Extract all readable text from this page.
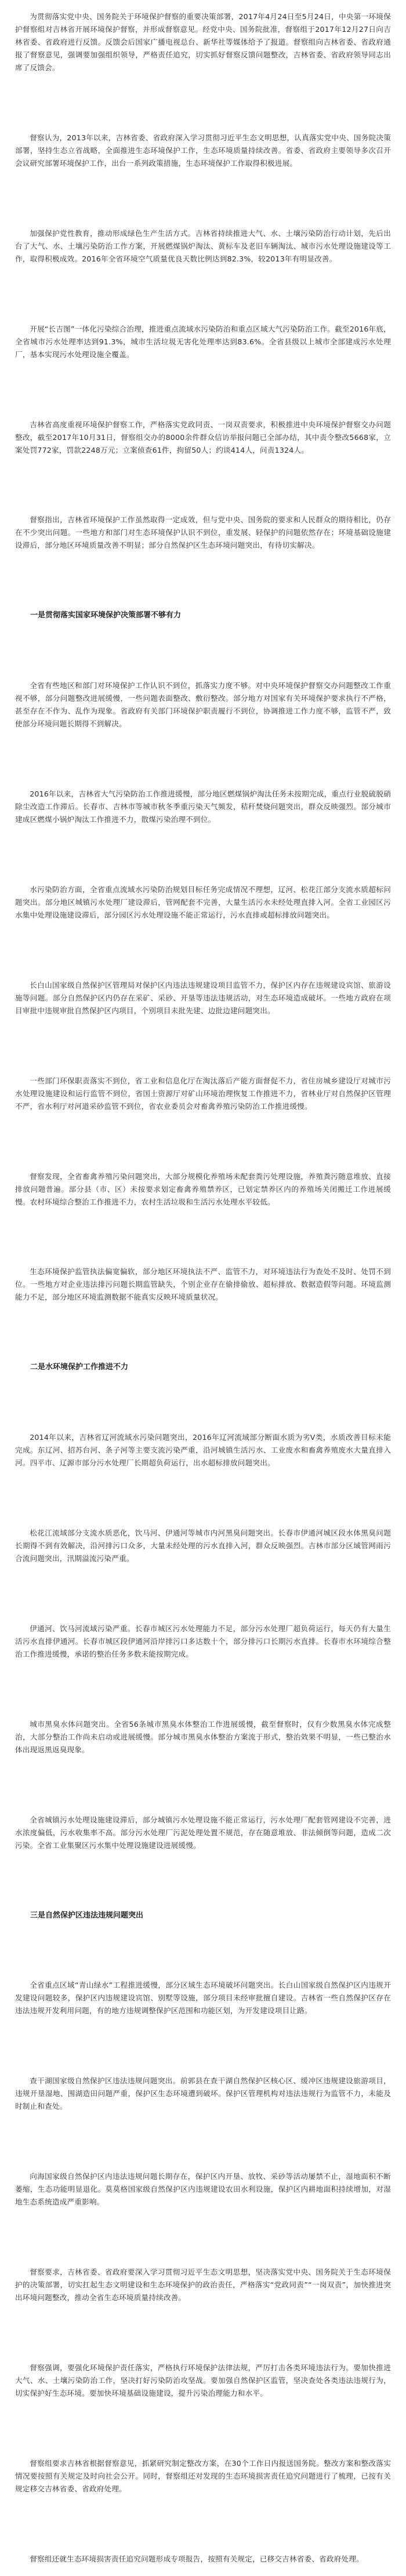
为贯彻落实党中央、国务院关于环境保护督察的重要决策部署，2017年4月24日至5月24日，中央第一环境保护督察组对吉林省开展环境保护督察，并形成督察意见。经党中央、国务院批准，督察组于2017年12月27日向吉林省委、省政府进行反馈。反馈会后国家广播电视总台、新华社等媒体给予了报道。督察组向吉林省委、省政府通报了督察意见，强调要加强组织领导，严格责任追究，切实抓好督察反馈问题整改，吉林省委、省政府领导同志出席了反馈会。

督察认为，2013年以来，吉林省委、省政府深入学习贯彻习近平生态文明思想，认真落实党中央、国务院决策部署，坚持生态立省战略，全面推进生态环境保护工作，生态环境质量持续改善。省委、省政府主要领导多次召开会议研究部署环境保护工作，出台一系列政策措施，生态环境保护工作取得积极进展。

加强保护党性教育，推动形成绿色生产生活方式。吉林省持续推进大气、水、土壤污染防治行动计划，先后出台了大气、水、土壤污染防治工作方案，开展燃煤锅炉淘汰、黄标车及老旧车辆淘汰、城市污水处理设施建设等工作，取得积极成效。2016年全省环境空气质量优良天数比例达到82.3%，较2013年有明显改善。

开展“长吉图”一体化污染综合治理，推进重点流域水污染防治和重点区域大气污染防治工作。截至2016年底，全省城市污水处理率达到91.3%，城市生活垃圾无害化处理率达到83.6%。全省县级以上城市全部建成污水处理厂，基本实现污水处理设施全覆盖。

吉林省高度重视环境保护督察工作，严格落实党政同责、一岗双责要求，积极推进中央环境保护督察交办问题整改，截至2017年10月31日，督察组交办的8000余件群众信访举报问题已全部办结，其中责令整改5668家，立案处罚772家，罚款2248万元；立案侦查61件，拘留50人；约谈414人，问责1324人。

督察指出，吉林省环境保护工作虽然取得一定成效，但与党中央、国务院的要求和人民群众的期待相比，仍存在不少突出问题。一些地方和部门对生态环境保护认识不到位，重发展、轻保护的问题依然存在；环境基础设施建设滞后，部分地区环境质量改善不明显；部分自然保护区生态环境问题突出，有待切实解决。

一是贯彻落实国家环境保护决策部署不够有力

全省有些地区和部门对环境保护工作认识不到位，抓落实力度不够。对中央环境保护督察交办问题整改工作重视不够，部分问题整改进展缓慢，一些问题表面整改、敷衍整改。部分地方对国家有关环境保护要求执行不严格，甚至存在不作为、乱作为现象。省政府有关部门环境保护职责履行不到位，协调推进工作力度不够，监管不严，致使部分环境问题长期得不到解决。

2016年以来，吉林省大气污染防治工作推进缓慢，部分地区燃煤锅炉淘汰任务未按期完成，重点行业脱硫脱硝除尘改造工作滞后。长春市、吉林市等城市秋冬季重污染天气频发，秸秆焚烧问题突出，群众反映强烈。部分城市建成区燃煤小锅炉淘汰工作推进不力，散煤污染治理不到位。

水污染防治方面，全省重点流域水污染防治规划目标任务完成情况不理想，辽河、松花江部分支流水质超标问题突出。部分地区城镇污水处理厂建设滞后，管网配套不完善，大量生活污水未经处理直排入河。全省工业园区污水集中处理设施建设滞后，部分园区污水处理设施不能正常运行，污水直排或超标排放问题突出。

长白山国家级自然保护区管理局对保护区内违法违规建设项目监管不力，保护区内存在违规建设宾馆、旅游设施等问题。部分自然保护区内仍存在采矿、采砂、开垦等违法违规活动，对生态环境造成破坏。一些地方政府在项目审批中违规审批自然保护区内项目，个别项目未批先建、边批边建问题突出。

一些部门环保职责落实不到位，省工业和信息化厅在淘汰落后产能方面督促不力，省住房城乡建设厅对城市污水处理设施建设和运行监管不到位，省国土资源厅对矿山环境治理恢复工作推进不力，省林业厅对自然保护区管理不严，省水利厅对河道采砂监管不到位，省农业委员会对畜禽养殖污染防治工作推进缓慢。

督察发现，全省畜禽养殖污染问题突出，大部分规模化养殖场未配套粪污处理设施，养殖粪污随意堆放、直接排放问题普遍。部分县（市、区）未按要求划定畜禽养殖禁养区，已划定禁养区内的养殖场关闭搬迁工作进展缓慢。农村环境综合整治工作推进不力，农村生活垃圾和生活污水处理水平较低。

生态环境保护监管执法偏宽偏软，部分地区环境执法不严、监管不力，对环境违法行为查处不及时、处罚不到位。一些地方对企业违法排污问题长期监管缺失，个别企业存在偷排偷放、超标排放、数据造假等问题。环境监测能力不足，部分地区环境监测数据不能真实反映环境质量状况。

二是水环境保护工作推进不力

2014年以来，吉林省辽河流域水污染问题突出，2016年辽河流域部分断面水质为劣Ⅴ类，水质改善目标未能完成。东辽河、招苏台河、条子河等主要支流污染严重，沿河城镇生活污水、工业废水和畜禽养殖废水大量直排入河。四平市、辽源市部分污水处理厂长期超负荷运行，出水超标排放问题突出。

松花江流域部分支流水质恶化，饮马河、伊通河等城市内河黑臭问题突出。长春市伊通河城区段水体黑臭问题长期得不到有效解决，沿河排污口众多，大量未经处理的污水直排入河，群众反映强烈。吉林市部分区域管网雨污合流问题突出，汛期溢流污染严重。

伊通河、饮马河流域污染严重。长春市城区污水处理能力不足，部分污水处理厂超负荷运行，每天仍有大量生活污水直排伊通河。长春市城区段伊通河沿岸排污口多达数十个，部分排污口长期污水直排。长春市水环境综合整治工作推进缓慢，承诺的整治任务多数未能按期完成。

城市黑臭水体问题突出。全省56条城市黑臭水体整治工作进展缓慢，截至督察时，仅有少数黑臭水体完成整治，大部分整治工作尚未启动或进展缓慢。部分城市黑臭水体整治方案流于形式，整治效果不明显，一些已整治水体出现返黑返臭现象。

全省城镇污水处理设施建设滞后，部分城镇污水处理设施不能正常运行，污水处理厂配套管网建设不完善，进水浓度偏低，污水收集率不高。部分污水处理厂污泥处理处置不规范，存在随意堆放、非法倾倒等问题，造成二次污染。全省工业集聚区污水集中处理设施建设进展缓慢。

三是自然保护区违法违规问题突出

全省重点区域“青山绿水”工程推进缓慢，部分区域生态环境破坏问题突出。长白山国家级自然保护区内违规开发建设问题较多，保护区内违规建设宾馆、别墅等设施，部分项目未经审批擅自建设。吉林省一些自然保护区存在违法违规开发利用问题，有的地方违规调整保护区范围和功能区划，为开发建设项目让路。

查干湖国家级自然保护区违法违规问题突出。前郭县在查干湖自然保护区核心区、缓冲区违规建设旅游项目，违规开垦湿地、围湖造田问题严重，保护区生态环境遭到破坏。保护区管理机构对违法违规行为监管不力，未能及时制止和查处。

向海国家级自然保护区内违法违规问题长期存在，保护区内开垦、放牧、采砂等活动屡禁不止，湿地面积不断萎缩，生态功能明显退化。莫莫格国家级自然保护区内违规建设农田水利设施，保护区内耕地面积持续增加，对湿地生态系统造成严重影响。

督察要求，吉林省委、省政府要深入学习贯彻习近平生态文明思想，坚决落实党中央、国务院关于生态环境保护的决策部署，切实扛起生态文明建设和生态环境保护的政治责任，严格落实“党政同责”“一岗双责”，加快推进突出环境问题整改，推动全省生态环境质量持续改善。

督察强调，要强化环境保护责任落实，严格执行环境保护法律法规，严厉打击各类环境违法行为。要加快推进大气、水、土壤污染防治工作，坚决打好污染防治攻坚战。要加强自然保护区监管，坚决查处各类违法违规行为，切实保护好生态环境。要加快环境基础设施建设，提升污染治理能力和水平。

督察组要求吉林省根据督察意见，抓紧研究制定整改方案，在30个工作日内报送国务院。整改方案和整改落实情况要按照有关规定及时向社会公开。同时，督察组还对发现的生态环境损害责任追究问题进行了梳理，已按有关规定移交吉林省委、省政府处理。

督察组还就生态环境损害责任追究问题形成专项报告，按照有关规定，已移交吉林省委、省政府处理。
